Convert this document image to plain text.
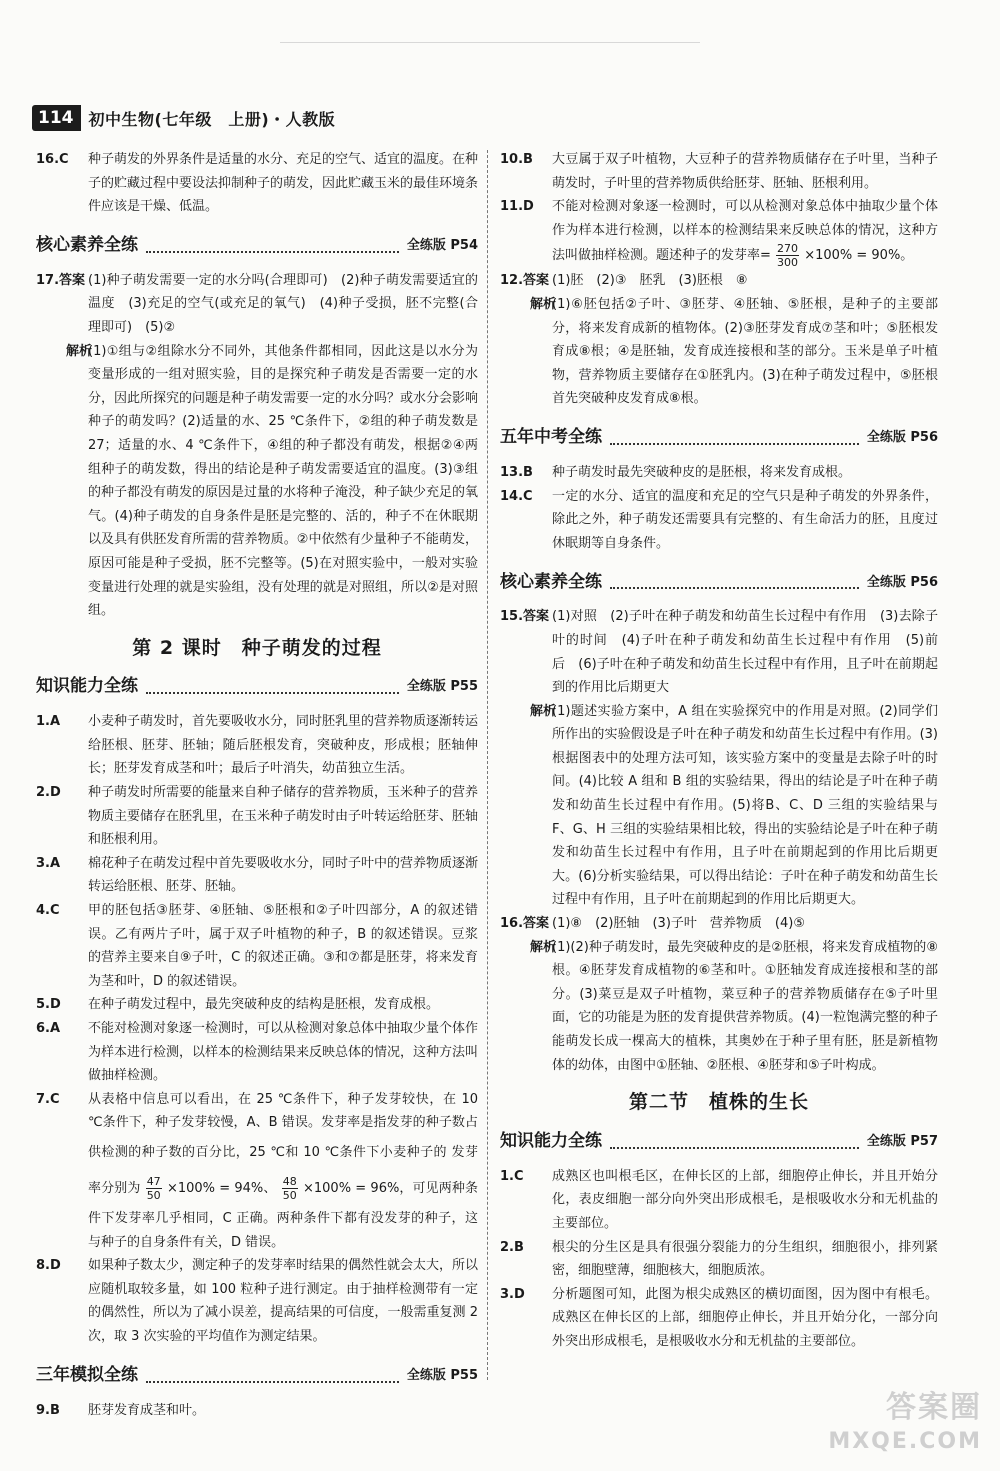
114 初中生物(七年级　上册)・人教版

16.C 种子萌发的外界条件是适量的水分、充足的空气、适宜的温度。在种子的贮藏过程中要设法抑制种子的萌发，因此贮藏玉米的最佳环境条件应该是干燥、低温。

核心素养全练	全练版 P54

17.答案 (1)种子萌发需要一定的水分吗(合理即可)　(2)种子萌发需要适宜的温度　(3)充足的空气(或充足的氧气)　(4)种子受损，胚不完整(合理即可)　(5)②

解析
(1)①组与②组除水分不同外，其他条件都相同，因此这是以水分为变量形成的一组对照实验，目的是探究种子萌发是否需要一定的水分，因此所探究的问题是种子萌发需要一定的水分吗？或水分会影响种子的萌发吗？(2)适量的水、25 ℃条件下，②组的种子萌发数是27；适量的水、4 ℃条件下，④组的种子都没有萌发，根据②④两组种子的萌发数，得出的结论是种子萌发需要适宜的温度。(3)③组的种子都没有萌发的原因是过量的水将种子淹没，种子缺少充足的氧气。(4)种子萌发的自身条件是胚是完整的、活的，种子不在休眠期以及具有供胚发育所需的营养物质。②中依然有少量种子不能萌发，原因可能是种子受损，胚不完整等。(5)在对照实验中，一般对实验变量进行处理的就是实验组，没有处理的就是对照组，所以②是对照组。

第 2 课时　种子萌发的过程
知识能力全练	全练版 P55

1.A 小麦种子萌发时，首先要吸收水分，同时胚乳里的营养物质逐渐转运给胚根、胚芽、胚轴；随后胚根发育，突破种皮，形成根；胚轴伸长；胚芽发育成茎和叶；最后子叶消失，幼苗独立生活。

2.D 种子萌发时所需要的能量来自种子储存的营养物质，玉米种子的营养物质主要储存在胚乳里，在玉米种子萌发时由子叶转运给胚芽、胚轴和胚根利用。

3.A 棉花种子在萌发过程中首先要吸收水分，同时子叶中的营养物质逐渐转运给胚根、胚芽、胚轴。

4.C 甲的胚包括③胚芽、④胚轴、⑤胚根和②子叶四部分，A 的叙述错误。乙有两片子叶，属于双子叶植物的种子，B 的叙述错误。豆浆的营养主要来自⑨子叶，C 的叙述正确。③和⑦都是胚芽，将来发育为茎和叶，D 的叙述错误。

5.D 在种子萌发过程中，最先突破种皮的结构是胚根，发育成根。

6.A 不能对检测对象逐一检测时，可以从检测对象总体中抽取少量个体作为样本进行检测，以样本的检测结果来反映总体的情况，这种方法叫做抽样检测。

7.C 从表格中信息可以看出，在 25 ℃条件下，种子发芽较快，在 10 ℃条件下，种子发芽较慢，A、B 错误。发芽率是指发芽的种子数占供检测的种子数的百分比，25 ℃和 10 ℃条件下小麦种子的 发芽率分别为 $\frac{47}{50} \times 100\% = 94\%$、 $\frac{48}{50} \times 100\% = 96\%$，可见两种条件下发芽率几乎相同，C 正确。两种条件下都有没发芽的种子，这与种子的自身条件有关，D 错误。

8.D 如果种子数太少，测定种子的发芽率时结果的偶然性就会太大，所以应随机取较多量，如 100 粒种子进行测定。由于抽样检测带有一定的偶然性，所以为了减小误差，提高结果的可信度，一般需重复测 2 次，取 3 次实验的平均值作为测定结果。

三年模拟全练	全练版 P55

9.B 胚芽发育成茎和叶。

10.B 大豆属于双子叶植物，大豆种子的营养物质储存在子叶里，当种子萌发时，子叶里的营养物质供给胚芽、胚轴、胚根利用。

11.D 不能对检测对象逐一检测时，可以从检测对象总体中抽取少量个体作为样本进行检测，以样本的检测结果来反映总体的情况，这种方法叫做抽样检测。题述种子的发芽率= $\frac{270}{300} \times 100\% = 90\%$。

12.答案 (1)胚　(2)③　胚乳　(3)胚根　⑧

解析
(1)⑥胚包括②子叶、③胚芽、④胚轴、⑤胚根，是种子的主要部分，将来发育成新的植物体。(2)③胚芽发育成⑦茎和叶；⑤胚根发育成⑧根；④是胚轴，发育成连接根和茎的部分。玉米是单子叶植物，营养物质主要储存在①胚乳内。(3)在种子萌发过程中，⑤胚根首先突破种皮发育成⑧根。

五年中考全练	全练版 P56

13.B 种子萌发时最先突破种皮的是胚根，将来发育成根。

14.C 一定的水分、适宜的温度和充足的空气只是种子萌发的外界条件，除此之外，种子萌发还需要具有完整的、有生命活力的胚，且度过休眠期等自身条件。

核心素养全练	全练版 P56

15.答案 (1)对照　(2)子叶在种子萌发和幼苗生长过程中有作用　(3)去除子叶的时间　(4)子叶在种子萌发和幼苗生长过程中有作用　(5)前　后　(6)子叶在种子萌发和幼苗生长过程中有作用，且子叶在前期起到的作用比后期更大

解析
(1)题述实验方案中，A 组在实验探究中的作用是对照。(2)同学们所作出的实验假设是子叶在种子萌发和幼苗生长过程中有作用。(3)根据图表中的处理方法可知，该实验方案中的变量是去除子叶的时间。(4)比较 A 组和 B 组的实验结果，得出的结论是子叶在种子萌发和幼苗生长过程中有作用。(5)将B、C、D 三组的实验结果与 F、G、H 三组的实验结果相比较，得出的实验结论是子叶在种子萌发和幼苗生长过程中有作用，且子叶在前期起到的作用比后期更大。(6)分析实验结果，可以得出结论：子叶在种子萌发和幼苗生长过程中有作用，且子叶在前期起到的作用比后期更大。

16.答案 (1)⑧　(2)胚轴　(3)子叶　营养物质　(4)⑤

解析
(1)(2)种子萌发时，最先突破种皮的是②胚根，将来发育成植物的⑧根。④胚芽发育成植物的⑥茎和叶。①胚轴发育成连接根和茎的部分。(3)菜豆是双子叶植物，菜豆种子的营养物质储存在⑤子叶里面，它的功能是为胚的发育提供营养物质。(4)一粒饱满完整的种子能萌发长成一棵高大的植株，其奥妙在于种子里有胚，胚是新植物体的幼体，由图中①胚轴、②胚根、④胚芽和⑤子叶构成。

第二节　植株的生长
知识能力全练	全练版 P57

1.C 成熟区也叫根毛区，在伸长区的上部，细胞停止伸长，并且开始分化，表皮细胞一部分向外突出形成根毛，是根吸收水分和无机盐的主要部位。

2.B 根尖的分生区是具有很强分裂能力的分生组织，细胞很小，排列紧密，细胞壁薄，细胞核大，细胞质浓。

3.D 分析题图可知，此图为根尖成熟区的横切面图，因为图中有根毛。成熟区在伸长区的上部，细胞停止伸长，并且开始分化，一部分向外突出形成根毛，是根吸收水分和无机盐的主要部位。

答案圈
MXQE.COM
